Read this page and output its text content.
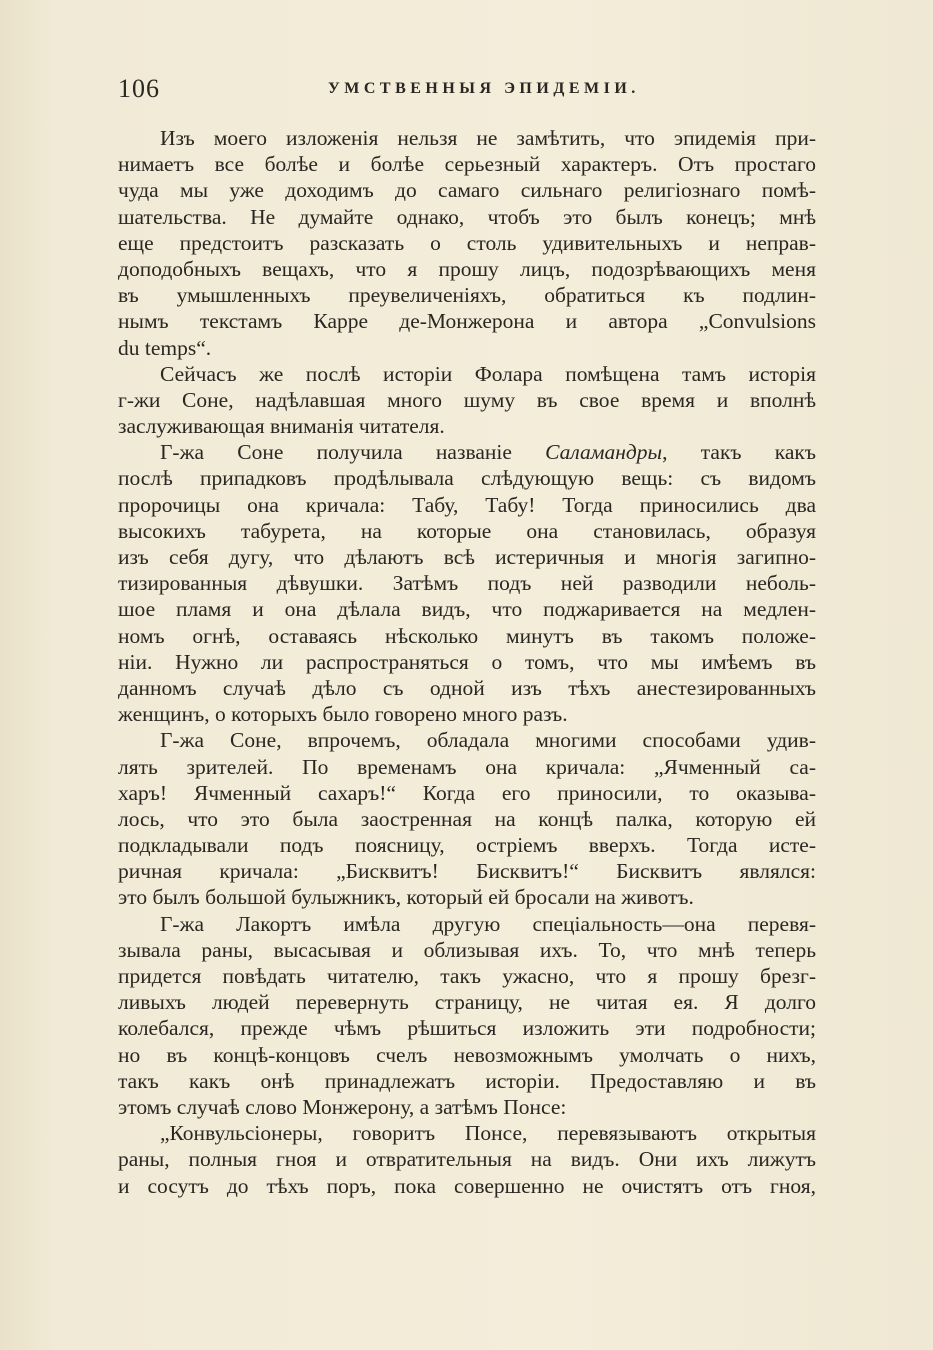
106	УМСТВЕННЫЯ ЭПИДЕМІИ.
Изъ моего изложенія нельзя не замѣтить, что эпидемія при-
нимаетъ все болѣе и болѣе серьезный характеръ. Отъ простаго
чуда мы уже доходимъ до самаго сильнаго религіознаго помѣ-
шательства. Не думайте однако, чтобъ это былъ конецъ; мнѣ
еще предстоитъ разсказать о столь удивительныхъ и неправ-
доподобныхъ вещахъ, что я прошу лицъ, подозрѣвающихъ меня
въ умышленныхъ преувеличеніяхъ, обратиться къ подлин-
нымъ текстамъ Карре де-Монжерона и автора „Convulsions
du temps“.
Сейчасъ же послѣ исторіи Фолара помѣщена тамъ исторія
г-жи Соне, надѣлавшая много шуму въ свое время и вполнѣ
заслуживающая вниманія читателя.
Г-жа Соне получила названіе Саламандры, такъ какъ
послѣ припадковъ продѣлывала слѣдующую вещь: съ видомъ
пророчицы она кричала: Табу, Табу! Тогда приносились два
высокихъ табурета, на которые она становилась, образуя
изъ себя дугу, что дѣлаютъ всѣ истеричныя и многія загипно-
тизированныя дѣвушки. Затѣмъ подъ ней разводили неболь-
шое пламя и она дѣлала видъ, что поджаривается на медлен-
номъ огнѣ, оставаясь нѣсколько минутъ въ такомъ положе-
ніи. Нужно ли распространяться о томъ, что мы имѣемъ въ
данномъ случаѣ дѣло съ одной изъ тѣхъ анестезированныхъ
женщинъ, о которыхъ было говорено много разъ.
Г-жа Соне, впрочемъ, обладала многими способами удив-
лять зрителей. По временамъ она кричала: „Ячменный са-
харъ! Ячменный сахаръ!“ Когда его приносили, то оказыва-
лось, что это была заостренная на концѣ палка, которую ей
подкладывали подъ поясницу, остріемъ вверхъ. Тогда исте-
ричная кричала: „Бисквитъ! Бисквитъ!“ Бисквитъ являлся:
это былъ большой булыжникъ, который ей бросали на животъ.
Г-жа Лакортъ имѣла другую спеціальность—она перевя-
зывала раны, высасывая и облизывая ихъ. То, что мнѣ теперь
придется повѣдать читателю, такъ ужасно, что я прошу брезг-
ливыхъ людей перевернуть страницу, не читая ея. Я долго
колебался, прежде чѣмъ рѣшиться изложить эти подробности;
но въ концѣ-концовъ счелъ невозможнымъ умолчать о нихъ,
такъ какъ онѣ принадлежатъ исторіи. Предоставляю и въ
этомъ случаѣ слово Монжерону, а затѣмъ Понсе:
„Конвульсіонеры, говоритъ Понсе, перевязываютъ открытыя
раны, полныя гноя и отвратительныя на видъ. Они ихъ лижутъ
и сосутъ до тѣхъ поръ, пока совершенно не очистятъ отъ гноя,
